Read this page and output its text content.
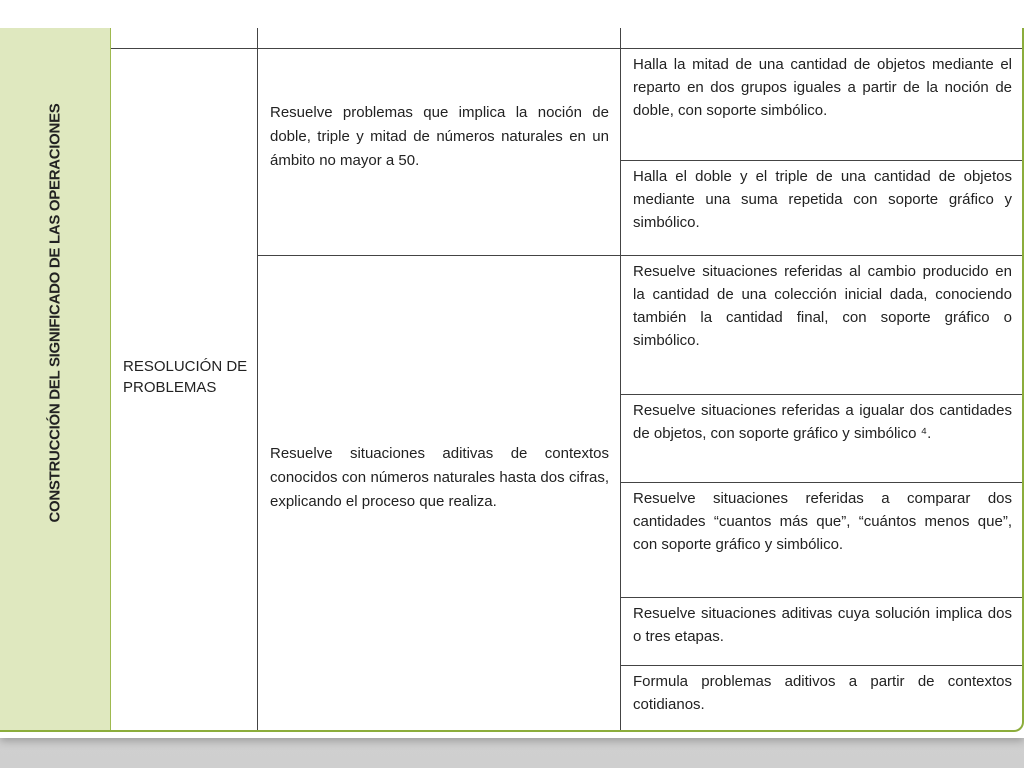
CONSTRUCCIÓN DEL SIGNIFICADO DE LAS OPERACIONES	RESOLUCIÓN DE PROBLEMAS
Resuelve problemas que implica la noción de doble, triple y mitad de números naturales en un ámbito no mayor a 50.
Resuelve situaciones aditivas de contextos conocidos con números naturales hasta dos cifras, explicando el proceso que realiza.
Halla la mitad de una cantidad de objetos mediante el reparto en dos grupos iguales a partir de la noción de doble, con soporte simbólico.
Halla el doble y el triple de una cantidad de objetos mediante una suma repetida con soporte gráfico y simbólico.
Resuelve situaciones referidas al cambio producido en la cantidad de una colección inicial dada, conociendo también la cantidad final, con soporte gráfico o simbólico.
Resuelve situaciones referidas a igualar dos cantidades de objetos, con soporte gráfico y simbólico ⁴.
Resuelve situaciones referidas a comparar dos cantidades “cuantos más que”, “cuántos menos que”, con soporte gráfico y simbólico.
Resuelve situaciones aditivas cuya solución implica dos o tres etapas.
Formula problemas aditivos a partir de contextos cotidianos.
